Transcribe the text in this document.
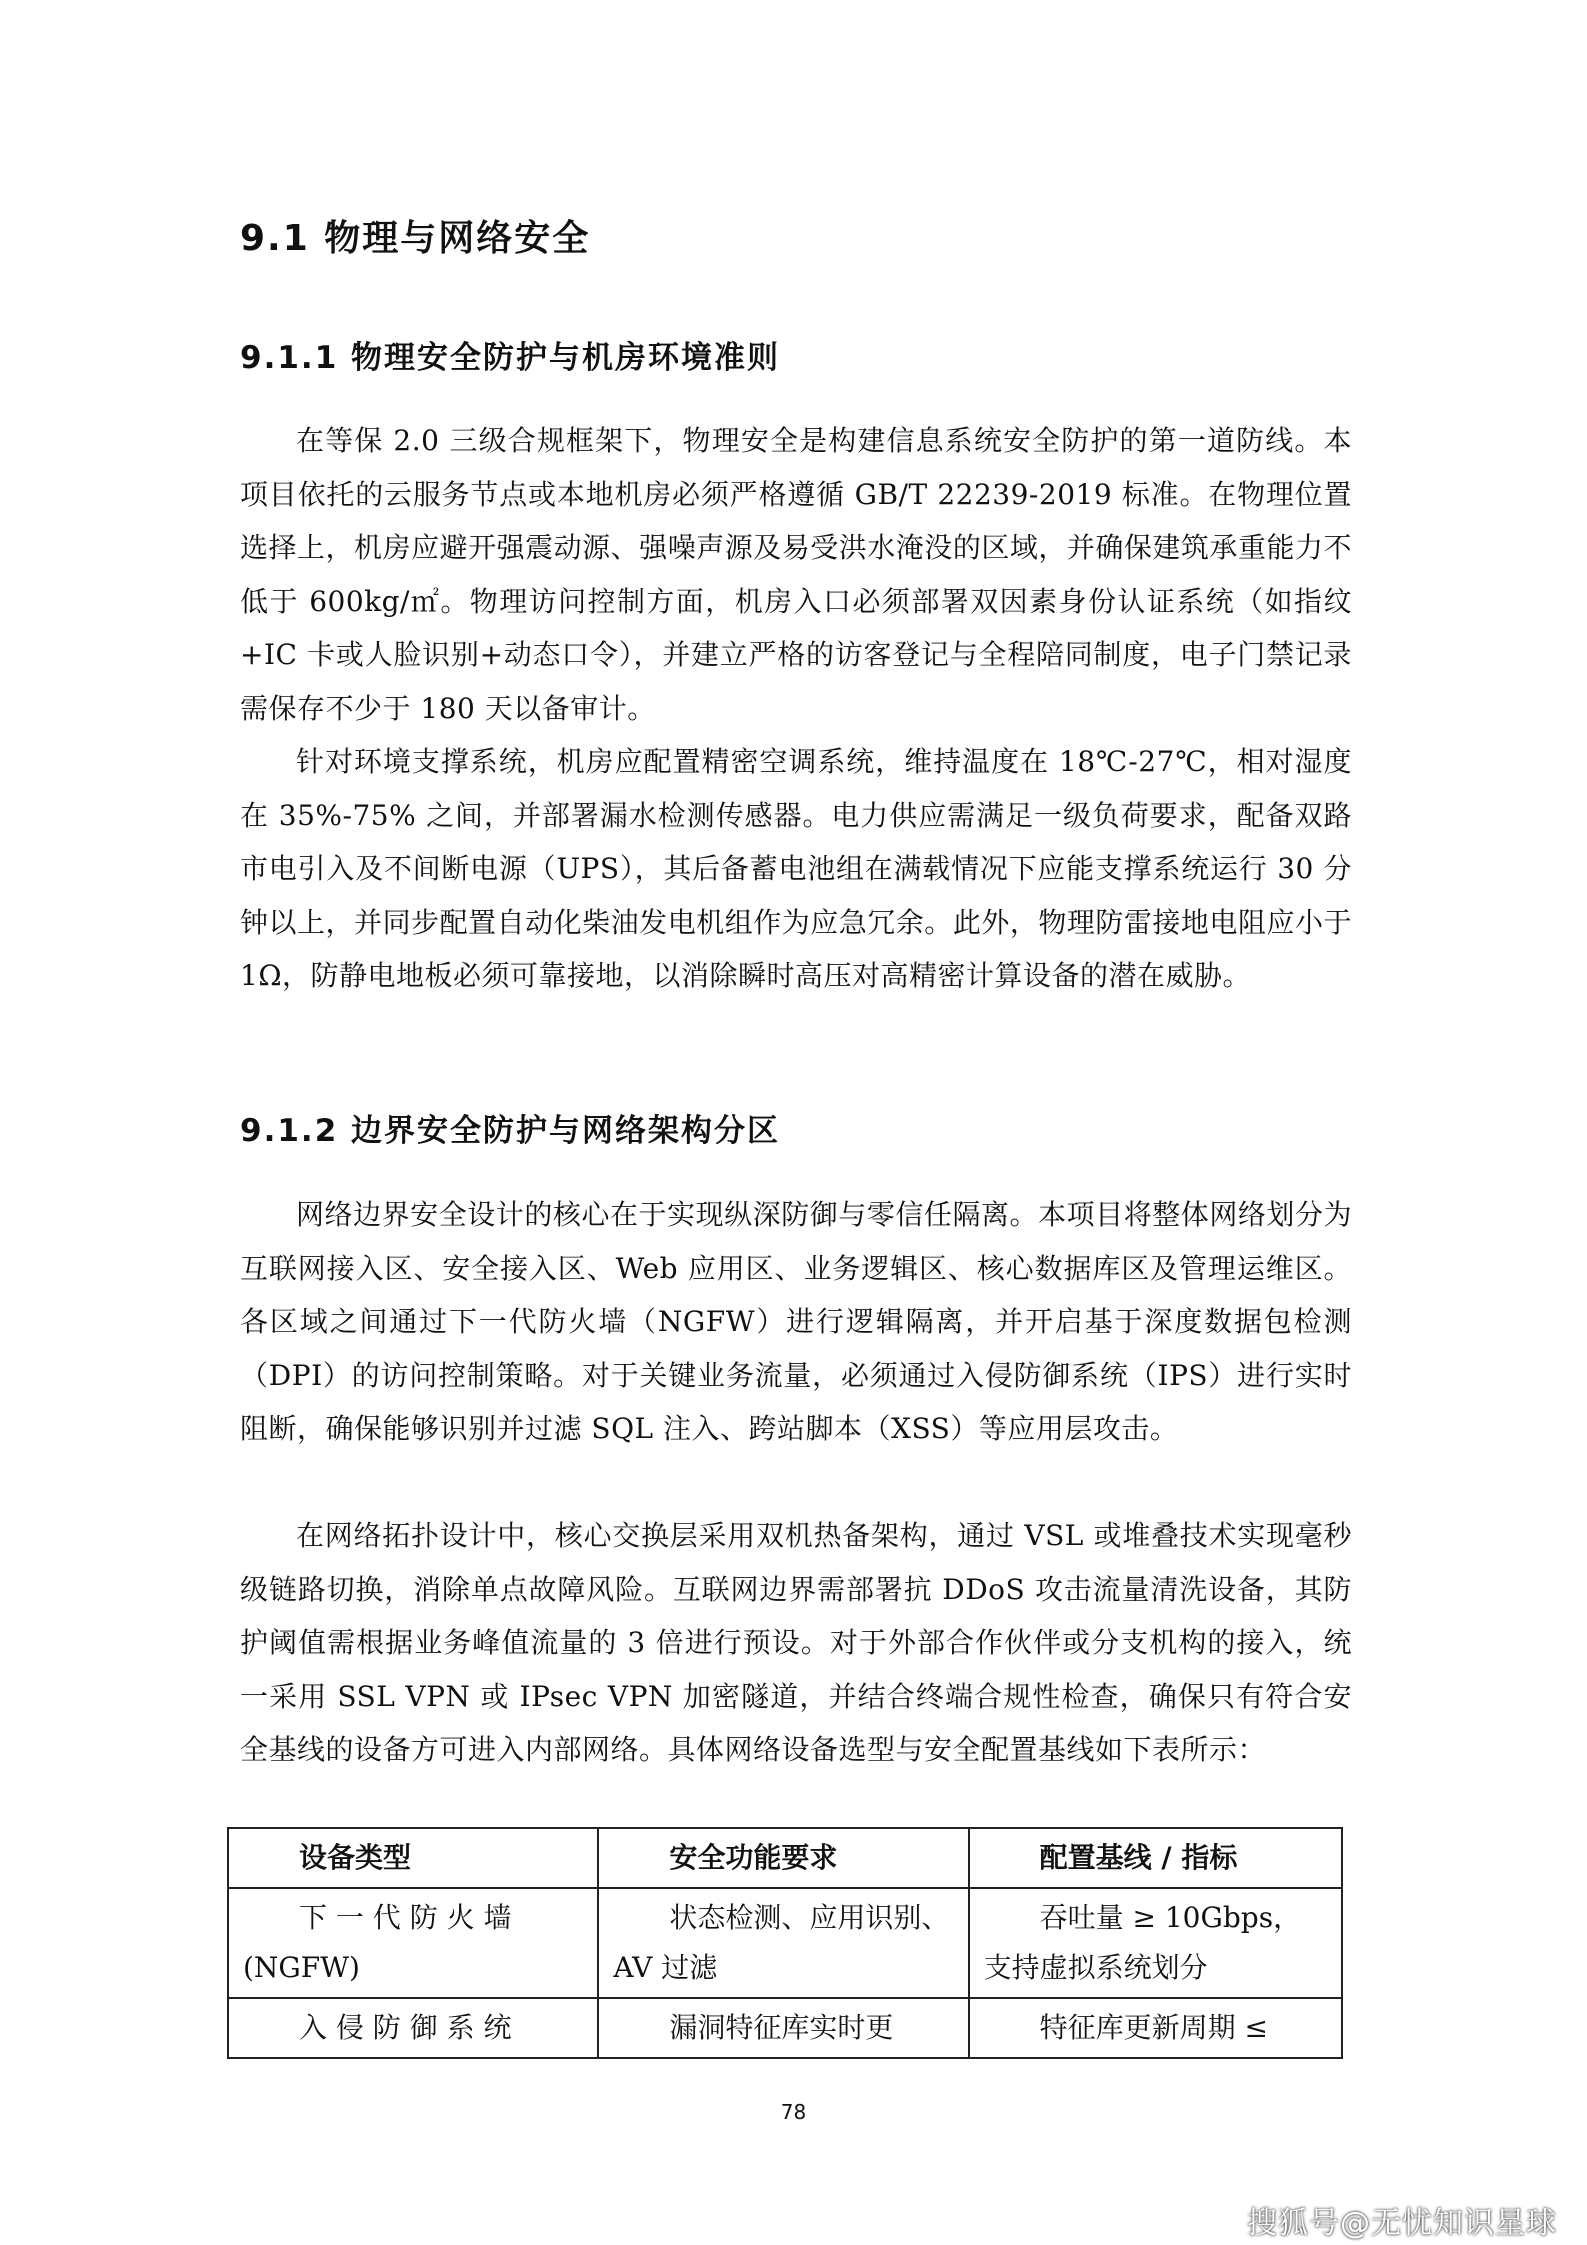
9.1 物理与网络安全
9.1.1 物理安全防护与机房环境准则

在等保 2.0 三级合规框架下，物理安全是构建信息系统安全防护的第一道防线。本项目依托的云服务节点或本地机房必须严格遵循 GB/T 22239-2019 标准。在物理位置选择上，机房应避开强震动源、强噪声源及易受洪水淹没的区域，并确保建筑承重能力不低于 600kg/㎡。物理访问控制方面，机房入口必须部署双因素身份认证系统（如指纹+IC 卡或人脸识别+动态口令），并建立严格的访客登记与全程陪同制度，电子门禁记录需保存不少于 180 天以备审计。

针对环境支撑系统，机房应配置精密空调系统，维持温度在 18℃-27℃，相对湿度在 35%-75% 之间，并部署漏水检测传感器。电力供应需满足一级负荷要求，配备双路市电引入及不间断电源（UPS），其后备蓄电池组在满载情况下应能支撑系统运行 30 分钟以上，并同步配置自动化柴油发电机组作为应急冗余。此外，物理防雷接地电阻应小于 1Ω，防静电地板必须可靠接地，以消除瞬时高压对高精密计算设备的潜在威胁。

9.1.2 边界安全防护与网络架构分区

网络边界安全设计的核心在于实现纵深防御与零信任隔离。本项目将整体网络划分为互联网接入区、安全接入区、Web 应用区、业务逻辑区、核心数据库区及管理运维区。各区域之间通过下一代防火墙（NGFW）进行逻辑隔离，并开启基于深度数据包检测（DPI）的访问控制策略。对于关键业务流量，必须通过入侵防御系统（IPS）进行实时阻断，确保能够识别并过滤 SQL 注入、跨站脚本（XSS）等应用层攻击。

在网络拓扑设计中，核心交换层采用双机热备架构，通过 VSL 或堆叠技术实现毫秒级链路切换，消除单点故障风险。互联网边界需部署抗 DDoS 攻击流量清洗设备，其防护阈值需根据业务峰值流量的 3 倍进行预设。对于外部合作伙伴或分支机构的接入，统一采用 SSL VPN 或 IPsec VPN 加密隧道，并结合终端合规性检查，确保只有符合安全基线的设备方可进入内部网络。具体网络设备选型与安全配置基线如下表所示：

设备类型	安全功能要求	配置基线 / 指标
下 一 代 防 火 墙 (NGFW)	状态检测、应用识别、AV 过滤	吞吐量 ≥ 10Gbps，支持虚拟系统划分
入 侵 防 御 系 统	漏洞特征库实时更	特征库更新周期 ≤
78
搜狐号@无忧知识星球
